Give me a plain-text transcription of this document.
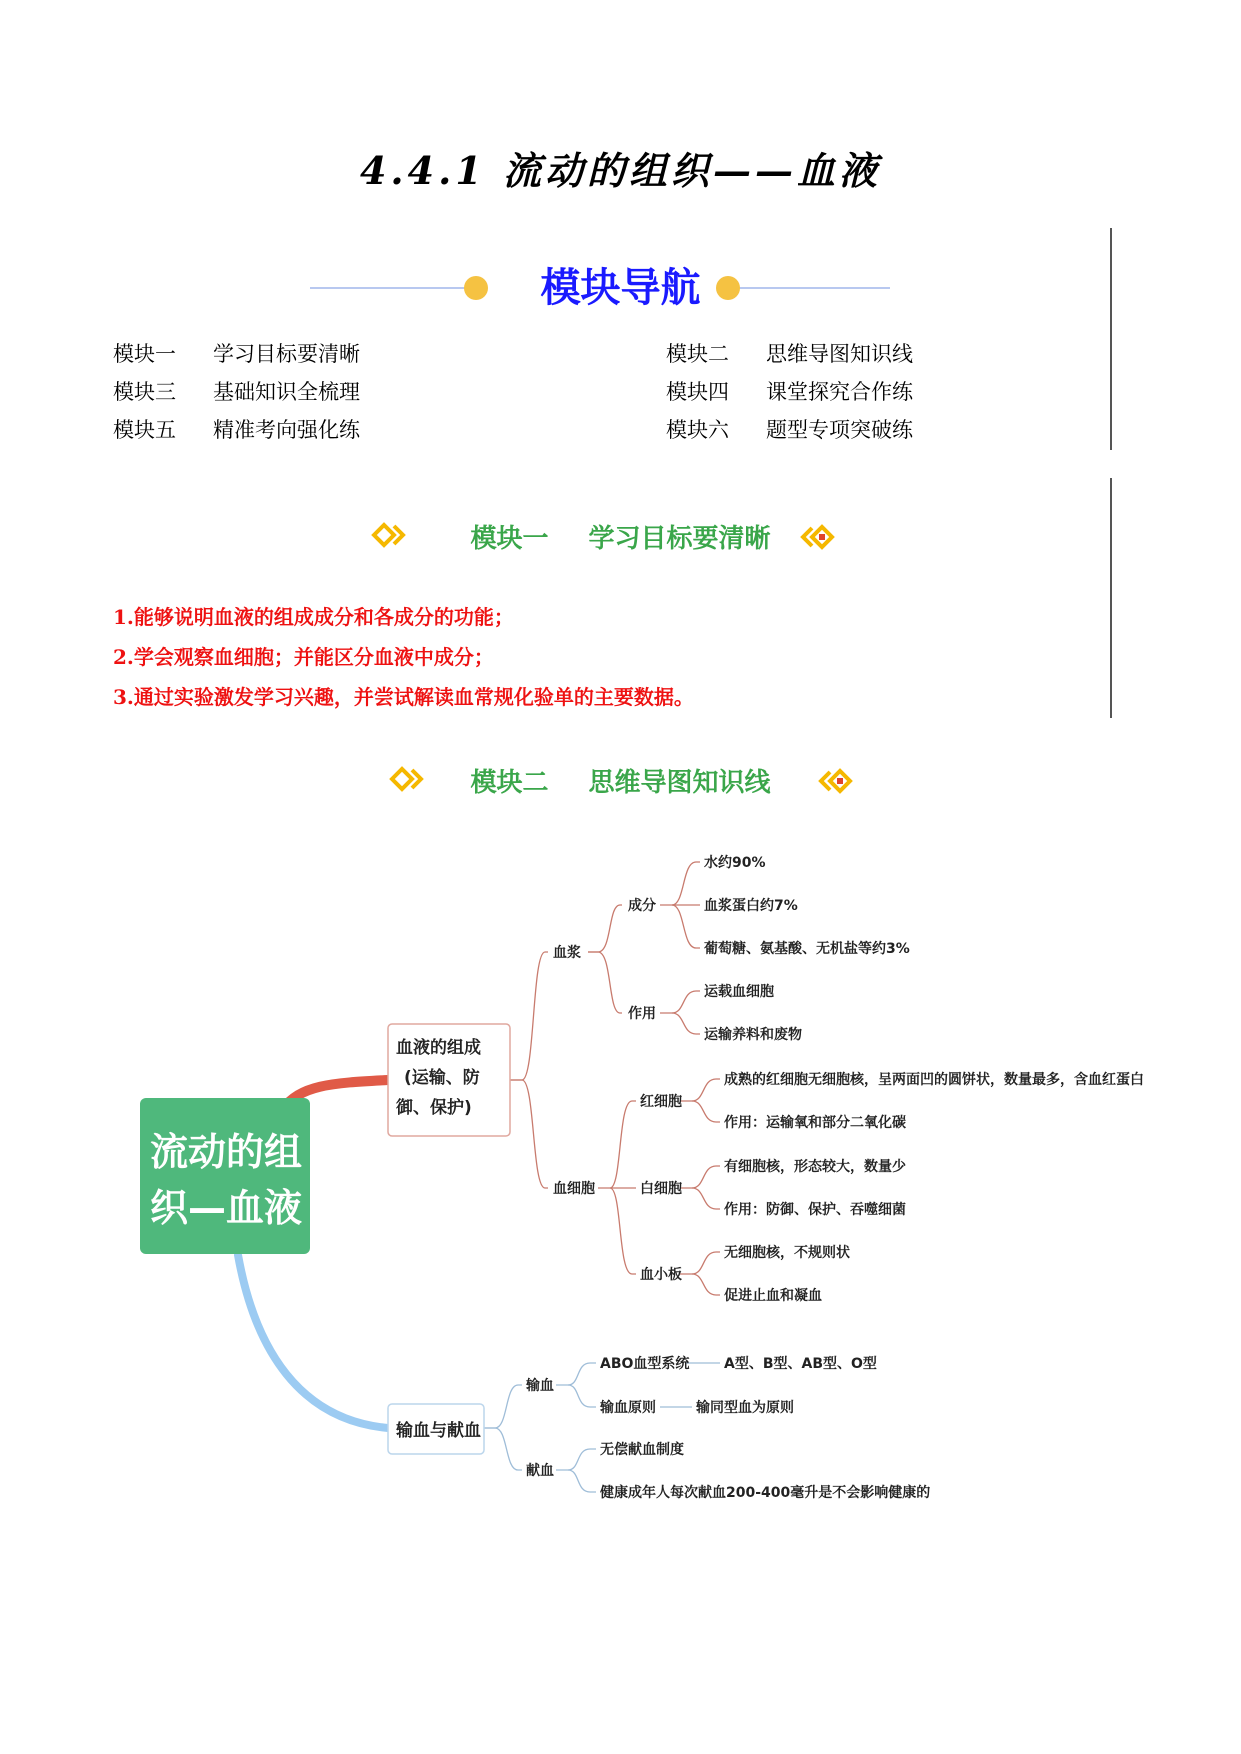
4.4.1 流动的组织——血液
模块导航
模块一 学习目标要清晰	模块二 思维导图知识线
模块三 基础知识全梳理	模块四 课堂探究合作练
模块五 精准考向强化练	模块六 题型专项突破练
模块一 学习目标要清晰
1.能够说明血液的组成成分和各成分的功能；
2.学会观察血细胞；并能区分血液中成分；
3.通过实验激发学习兴趣，并尝试解读血常规化验单的主要数据。
模块二 思维导图知识线
流动的组
织—血液
血液的组成
(运输、防
御、保护)
输血与献血
血浆
成分
水约90%
血浆蛋白约7%
葡萄糖、氨基酸、无机盐等约3%
作用
运载血细胞
运输养料和废物
血细胞
红细胞
成熟的红细胞无细胞核，呈两面凹的圆饼状，数量最多，含血红蛋白
作用：运输氧和部分二氧化碳
白细胞
有细胞核，形态较大，数量少
作用：防御、保护、吞噬细菌
血小板
无细胞核，不规则状
促进止血和凝血
输血
ABO血型系统 A型、B型、AB型、O型
输血原则	输同型血为原则
献血
无偿献血制度
健康成年人每次献血200-400毫升是不会影响健康的
